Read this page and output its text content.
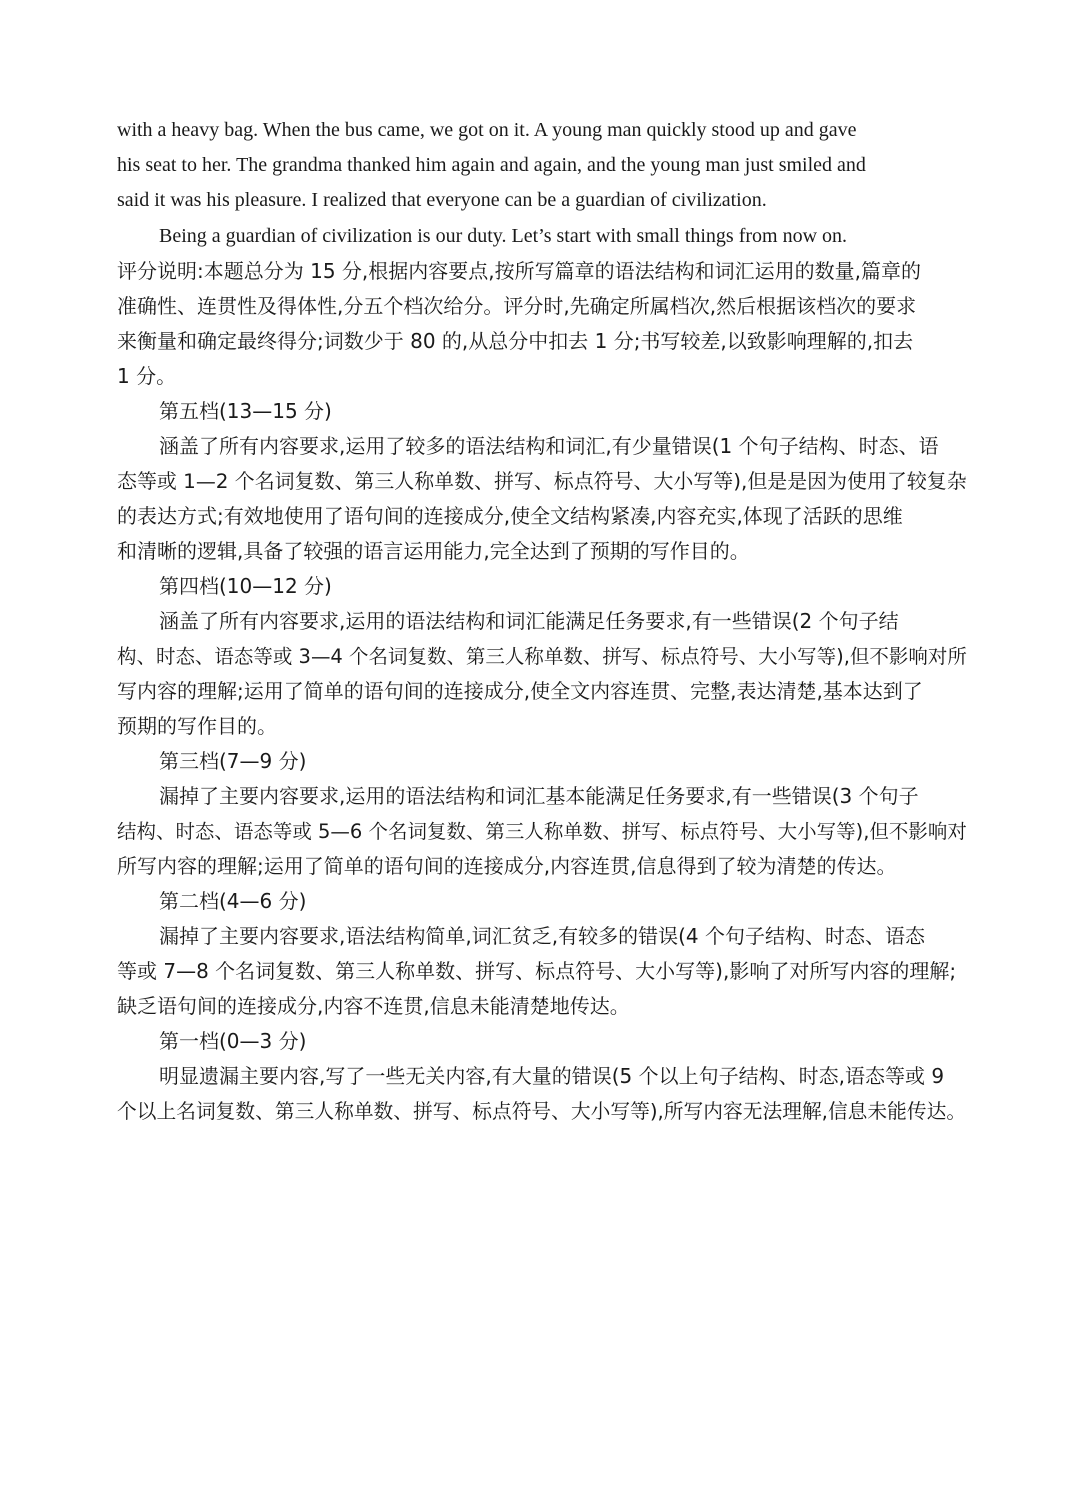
with a heavy bag. When the bus came, we got on it. A young man quickly stood up and gave
his seat to her. The grandma thanked him again and again, and the young man just smiled and
said it was his pleasure. I realized that everyone can be a guardian of civilization.
Being a guardian of civilization is our duty. Let’s start with small things from now on.
评分说明:本题总分为 15 分,根据内容要点,按所写篇章的语法结构和词汇运用的数量,篇章的
准确性、连贯性及得体性,分五个档次给分。评分时,先确定所属档次,然后根据该档次的要求
来衡量和确定最终得分;词数少于 80 的,从总分中扣去 1 分;书写较差,以致影响理解的,扣去
1 分。
第五档(13—15 分)
涵盖了所有内容要求,运用了较多的语法结构和词汇,有少量错误(1 个句子结构、时态、语
态等或 1—2 个名词复数、第三人称单数、拼写、标点符号、大小写等),但是是因为使用了较复杂
的表达方式;有效地使用了语句间的连接成分,使全文结构紧凑,内容充实,体现了活跃的思维
和清晰的逻辑,具备了较强的语言运用能力,完全达到了预期的写作目的。
第四档(10—12 分)
涵盖了所有内容要求,运用的语法结构和词汇能满足任务要求,有一些错误(2 个句子结
构、时态、语态等或 3—4 个名词复数、第三人称单数、拼写、标点符号、大小写等),但不影响对所
写内容的理解;运用了简单的语句间的连接成分,使全文内容连贯、完整,表达清楚,基本达到了
预期的写作目的。
第三档(7—9 分)
漏掉了主要内容要求,运用的语法结构和词汇基本能满足任务要求,有一些错误(3 个句子
结构、时态、语态等或 5—6 个名词复数、第三人称单数、拼写、标点符号、大小写等),但不影响对
所写内容的理解;运用了简单的语句间的连接成分,内容连贯,信息得到了较为清楚的传达。
第二档(4—6 分)
漏掉了主要内容要求,语法结构简单,词汇贫乏,有较多的错误(4 个句子结构、时态、语态
等或 7—8 个名词复数、第三人称单数、拼写、标点符号、大小写等),影响了对所写内容的理解;
缺乏语句间的连接成分,内容不连贯,信息未能清楚地传达。
第一档(0—3 分)
明显遗漏主要内容,写了一些无关内容,有大量的错误(5 个以上句子结构、时态,语态等或 9
个以上名词复数、第三人称单数、拼写、标点符号、大小写等),所写内容无法理解,信息未能传达。
